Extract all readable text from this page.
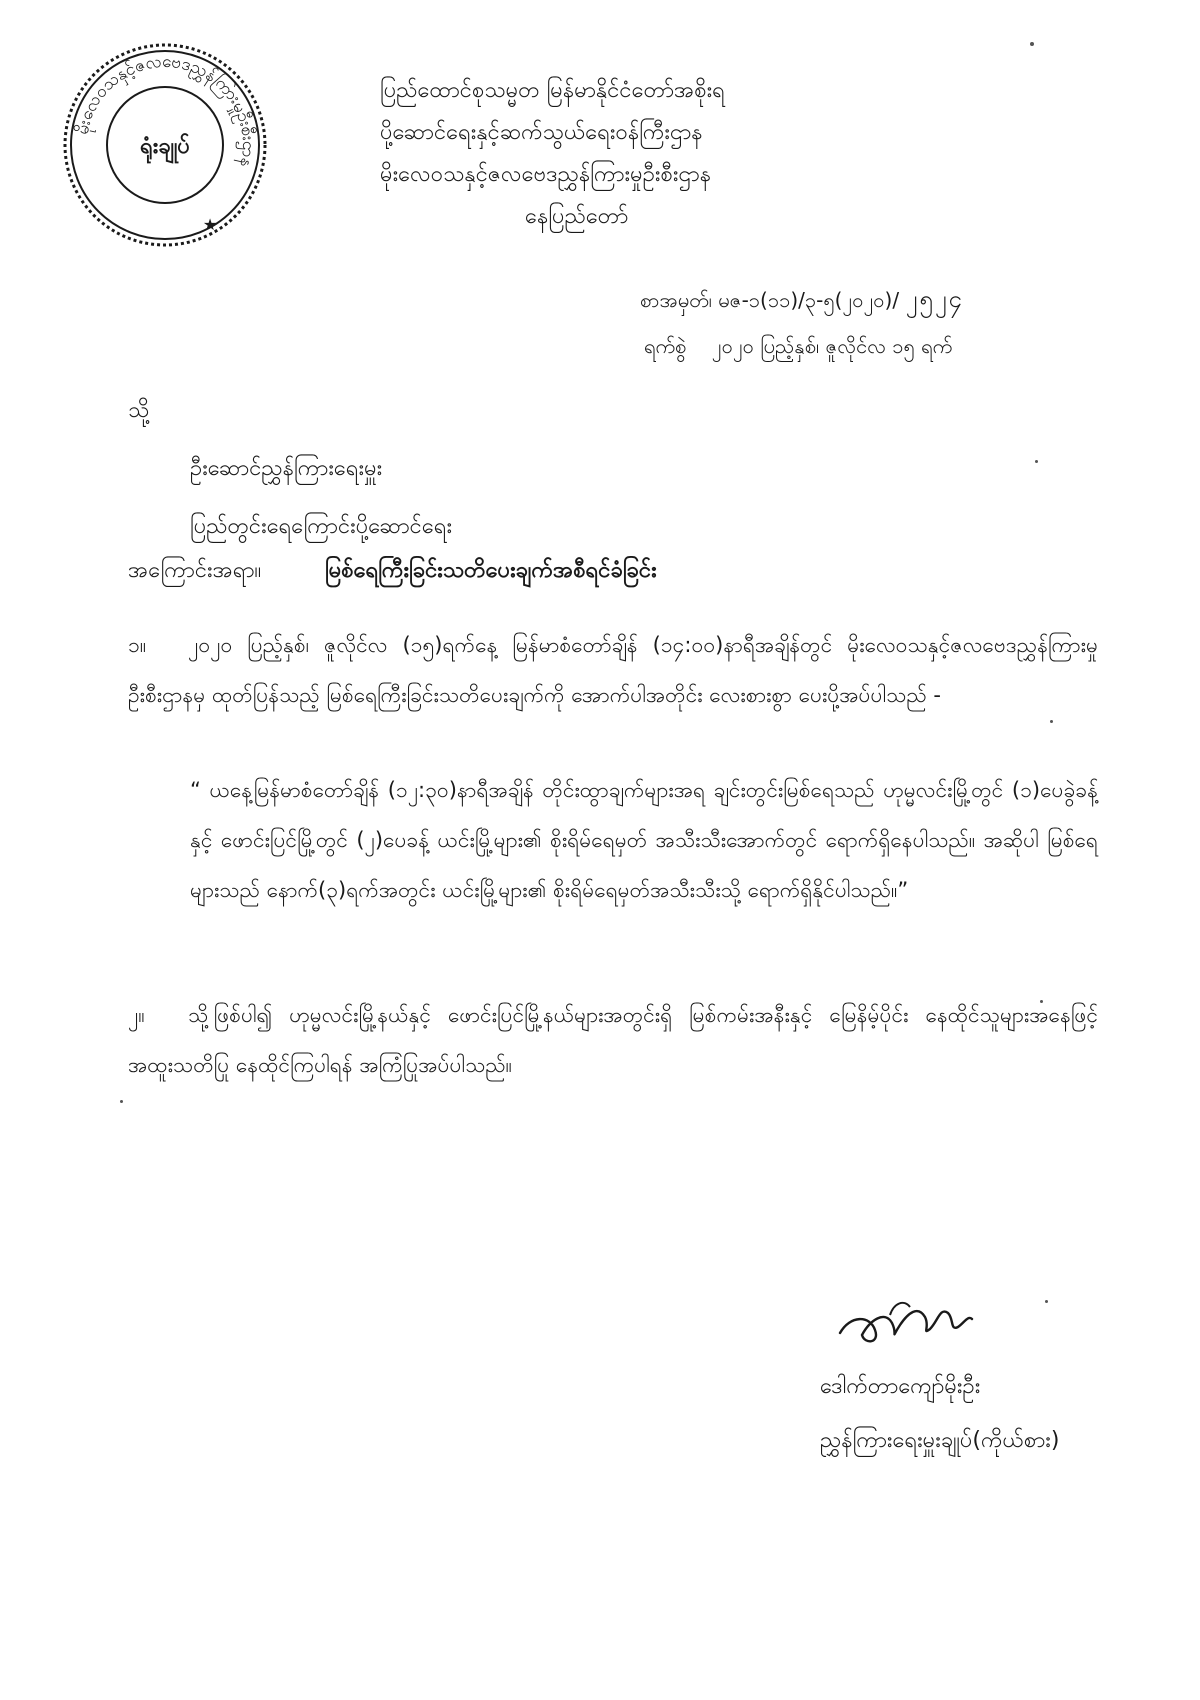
မိုးလေဝသနှင့်ဇလဗေဒညွှန်ကြားမှုဦးစီးဌာန
ရုံးချုပ်
★
ပြည်ထောင်စုသမ္မတ မြန်မာနိုင်ငံတော်အစိုးရ
ပို့ဆောင်ရေးနှင့်ဆက်သွယ်ရေးဝန်ကြီးဌာန
မိုးလေဝသနှင့်ဇလဗေဒညွှန်ကြားမှုဦးစီးဌာန
နေပြည်တော်
စာအမှတ်၊ မဇ-၁(၁၁)/၃-၅(၂၀၂၀)/ ၂၅၂၄
ရက်စွဲ ၂၀၂၀ ပြည့်နှစ်၊ ဇူလိုင်လ ၁၅ ရက်
သို့
ဦးဆောင်ညွှန်ကြားရေးမှူး
ပြည်တွင်းရေကြောင်းပို့ဆောင်ရေး
အကြောင်းအရာ။	မြစ်ရေကြီးခြင်းသတိပေးချက်အစီရင်ခံခြင်း
၁။ ၂၀၂၀ ပြည့်နှစ်၊ ဇူလိုင်လ (၁၅)ရက်နေ့ မြန်မာစံတော်ချိန် (၁၄:၀၀)နာရီအချိန်တွင် မိုးလေဝသနှင့်ဇလဗေဒညွှန်ကြားမှုဦးစီးဌာနမှ ထုတ်ပြန်သည့် မြစ်ရေကြီးခြင်းသတိပေးချက်ကို အောက်ပါအတိုင်း လေးစားစွာ ပေးပို့အပ်ပါသည် -
“ ယနေ့မြန်မာစံတော်ချိန် (၁၂:၃၀)နာရီအချိန် တိုင်းထွာချက်များအရ ချင်းတွင်းမြစ်ရေသည် ဟုမ္မလင်းမြို့တွင် (၁)ပေခွဲခန့်နှင့် ဖောင်းပြင်မြို့တွင် (၂)ပေခန့် ယင်းမြို့များ၏ စိုးရိမ်ရေမှတ် အသီးသီးအောက်တွင် ရောက်ရှိနေပါသည်။ အဆိုပါ မြစ်ရေများသည် နောက်(၃)ရက်အတွင်း ယင်းမြို့များ၏ စိုးရိမ်ရေမှတ်အသီးသီးသို့ ရောက်ရှိနိုင်ပါသည်။”
၂။ သို့ဖြစ်ပါ၍ ဟုမ္မလင်းမြို့နယ်နှင့် ဖောင်းပြင်မြို့နယ်များအတွင်းရှိ မြစ်ကမ်းအနီးနှင့် မြေနိမ့်ပိုင်း နေထိုင်သူများအနေဖြင့် အထူးသတိပြု နေထိုင်ကြပါရန် အကြံပြုအပ်ပါသည်။
ဒေါက်တာကျော်မိုးဦး
ညွှန်ကြားရေးမှူးချုပ်(ကိုယ်စား)
